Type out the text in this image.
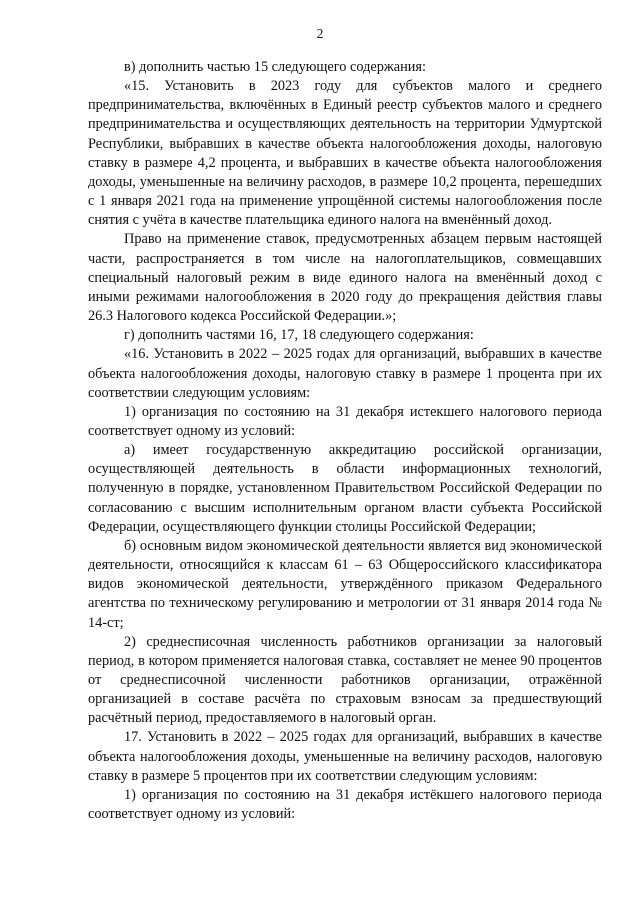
2

в) дополнить частью 15 следующего содержания:

«15. Установить в 2023 году для субъектов малого и среднего предпринимательства, включённых в Единый реестр субъектов малого и среднего предпринимательства и осуществляющих деятельность на территории Удмуртской Республики, выбравших в качестве объекта налогообложения доходы, налоговую ставку в размере 4,2 процента, и выбравших в качестве объекта налогообложения доходы, уменьшенные на величину расходов, в размере 10,2 процента, перешедших с 1 января 2021 года на применение упрощённой системы налогообложения после снятия с учёта в качестве плательщика единого налога на вменённый доход.

Право на применение ставок, предусмотренных абзацем первым настоящей части, распространяется в том числе на налогоплательщиков, совмещавших специальный налоговый режим в виде единого налога на вменённый доход с иными режимами налогообложения в 2020 году до прекращения действия главы 26.3 Налогового кодекса Российской Федерации.»;

г) дополнить частями 16, 17, 18 следующего содержания:

«16. Установить в 2022 – 2025 годах для организаций, выбравших в качестве объекта налогообложения доходы, налоговую ставку в размере 1 процента при их соответствии следующим условиям:

1) организация по состоянию на 31 декабря истекшего налогового периода соответствует одному из условий:

а) имеет государственную аккредитацию российской организации, осуществляющей деятельность в области информационных технологий, полученную в порядке, установленном Правительством Российской Федерации по согласованию с высшим исполнительным органом власти субъекта Российской Федерации, осуществляющего функции столицы Российской Федерации;

б) основным видом экономической деятельности является вид экономической деятельности, относящийся к классам 61 – 63 Общероссийского классификатора видов экономической деятельности, утверждённого приказом Федерального агентства по техническому регулированию и метрологии от 31 января 2014 года № 14-ст;

2) среднесписочная численность работников организации за налоговый период, в котором применяется налоговая ставка, составляет не менее 90 процентов от среднесписочной численности работников организации, отражённой организацией в составе расчёта по страховым взносам за предшествующий расчётный период, предоставляемого в налоговый орган.

17. Установить в 2022 – 2025 годах для организаций, выбравших в качестве объекта налогообложения доходы, уменьшенные на величину расходов, налоговую ставку в размере 5 процентов при их соответствии следующим условиям:

1) организация по состоянию на 31 декабря истёкшего налогового периода соответствует одному из условий:
